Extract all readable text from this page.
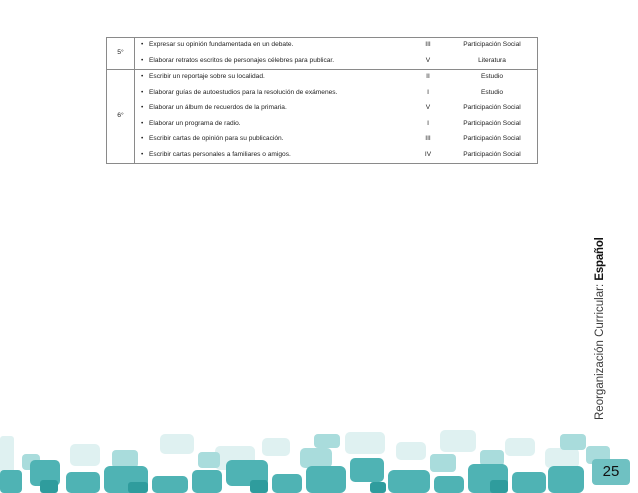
5°	
• Expresar su opinión fundamentada en un debate.	III	Participación Social
• Elaborar retratos escritos de personajes célebres para publicar.	V	Literatura

6°	
• Escribir un reportaje sobre su localidad.	II	Estudio
• Elaborar guías de autoestudios para la resolución de exámenes.	I	Estudio
• Elaborar un álbum de recuerdos de la primaria.	V	Participación Social
• Elaborar un programa de radio.	I	Participación Social
• Escribir cartas de opinión para su publicación.	III	Participación Social
• Escribir cartas personales a familiares o amigos.	IV	Participación Social
Reorganización Curricular: Español
25
